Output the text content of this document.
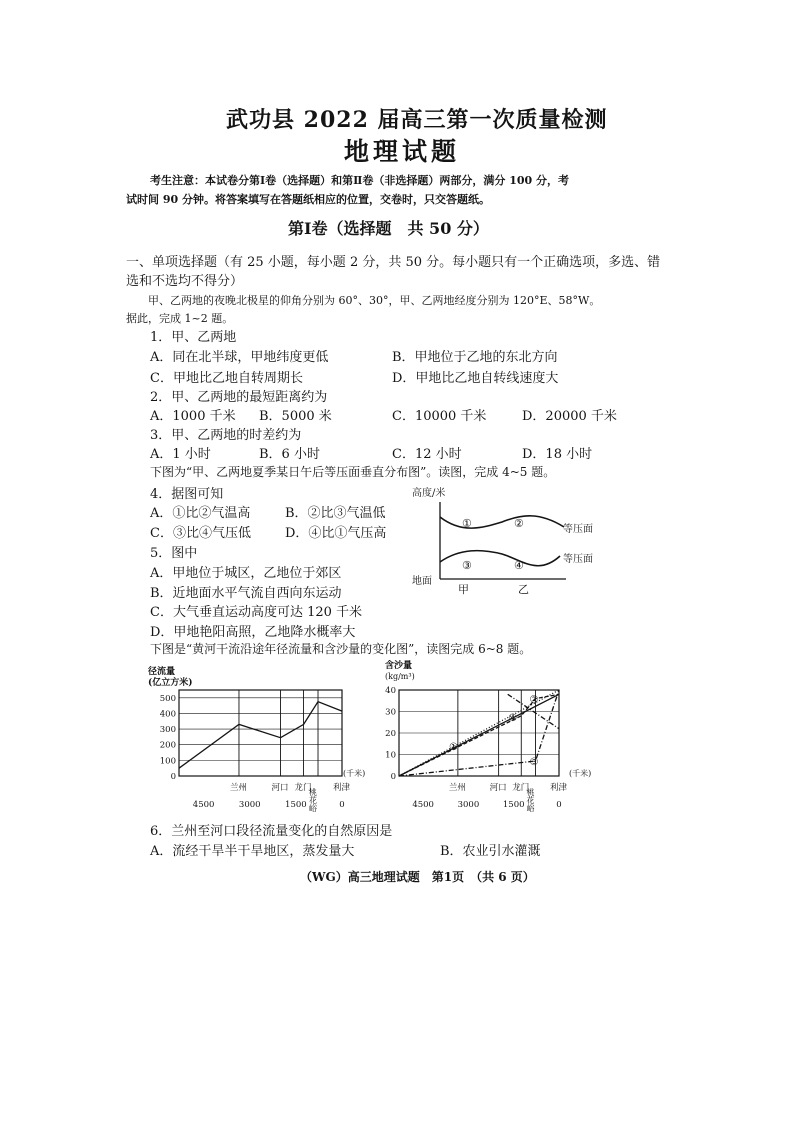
武功县 2022 届高三第一次质量检测
地理试题
考生注意：本试卷分第Ⅰ卷（选择题）和第Ⅱ卷（非选择题）两部分，满分 100 分，考
试时间 90 分钟。将答案填写在答题纸相应的位置，交卷时，只交答题纸。
第Ⅰ卷（选择题　共 50 分）
一、单项选择题（有 25 小题，每小题 2 分，共 50 分。每小题只有一个正确选项，多选、错
选和不选均不得分）
甲、乙两地的夜晚北极星的仰角分别为 60°、30°，甲、乙两地经度分别为 120°E、58°W。
据此，完成 1~2 题。
1．甲、乙两地
A．同在北半球，甲地纬度更低	B．甲地位于乙地的东北方向
C．甲地比乙地自转周期长	D．甲地比乙地自转线速度大
2．甲、乙两地的最短距离约为
A．1000 千米 B．5000 米	C．10000 千米	D．20000 千米
3．甲、乙两地的时差约为
A．1 小时	B．6 小时	C．12 小时	D．18 小时
下图为“甲、乙两地夏季某日午后等压面垂直分布图”。读图，完成 4~5 题。
4．据图可知
A．①比②气温高	B．②比③气温低
C．③比④气压低	D．④比①气压高
5．图中
A．甲地位于城区，乙地位于郊区
B．近地面水平气流自西向东运动
C．大气垂直运动高度可达 120 千米
D．甲地艳阳高照，乙地降水概率大
高度/米
①	②
③	④
等压面
等压面
地面
甲	乙
下图是“黄河干流沿途年径流量和含沙量的变化图”，读图完成 6~8 题。
径流量
(亿立方米)
兰州	河口 龙门
桃花峪 利津
500
400
300
200
100
0
4500	3000	1500	0
(千米)
含沙量
(kg/m³)
兰州	河口 龙门
桃花峪 利津
40
30
20
10
0
4500	3000	1500	0
①
②
③
④
(千米)
6．兰州至河口段径流量变化的自然原因是
A．流经干旱半干旱地区，蒸发量大	B．农业引水灌溉
（WG）高三地理试题　第1页　（共 6 页）
